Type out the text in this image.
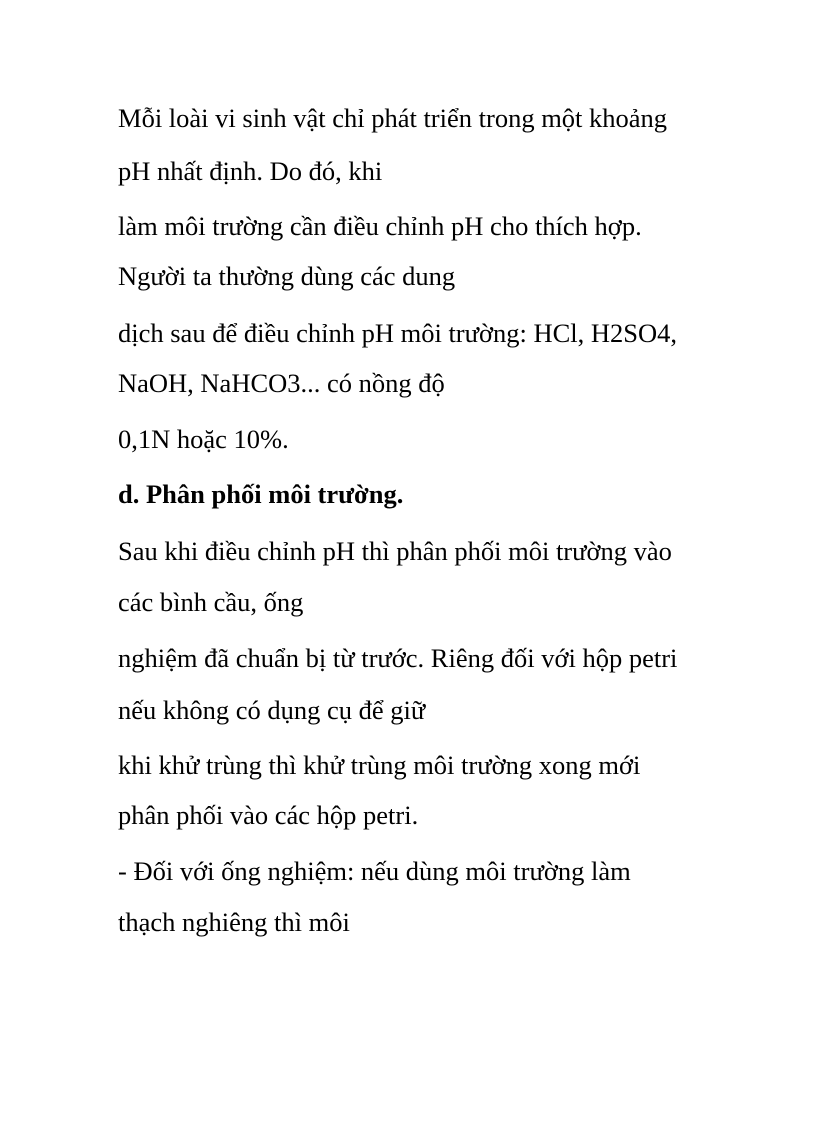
Mỗi loài vi sinh vật chỉ phát triển trong một khoảng
pH nhất định. Do đó, khi
làm môi trường cần điều chỉnh pH cho thích hợp.
Người ta thường dùng các dung
dịch sau để điều chỉnh pH môi trường: HCl, H2SO4,
NaOH, NaHCO3... có nồng độ
0,1N hoặc 10%.
d. Phân phối môi trường.
Sau khi điều chỉnh pH thì phân phối môi trường vào
các bình cầu, ống
nghiệm đã chuẩn bị từ trước. Riêng đối với hộp petri
nếu không có dụng cụ để giữ
khi khử trùng thì khử trùng môi trường xong mới
phân phối vào các hộp petri.
- Đối với ống nghiệm: nếu dùng môi trường làm
thạch nghiêng thì môi
